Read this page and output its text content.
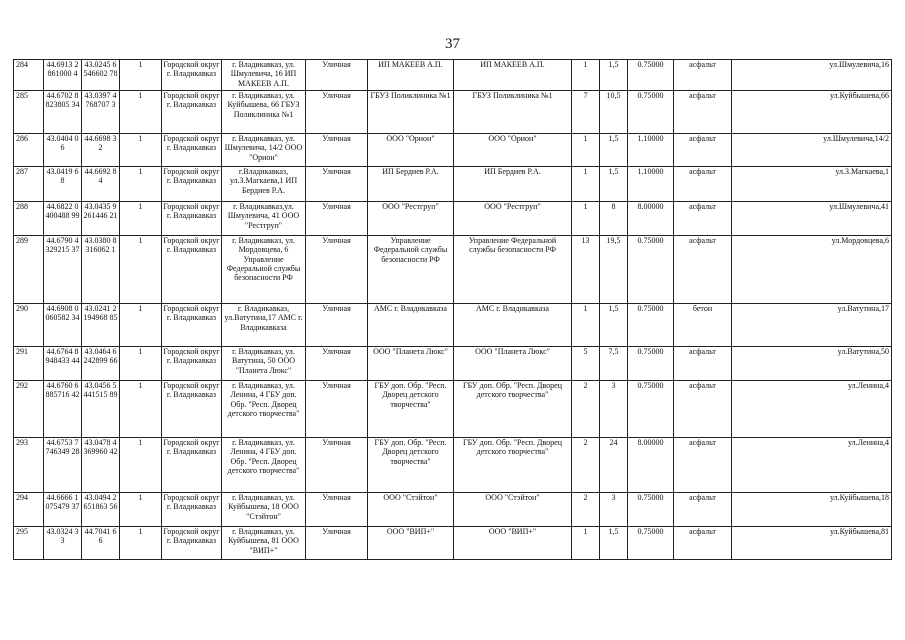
37
284	44.6913 2861000 4	43.0245 6546602 78	1	Городской округ г. Владикавказ	г. Владикавказ, ул. Шмулевича, 16 ИП МАКЕЕВ А.П.	Уличная	ИП МАКЕЕВ А.П.	ИП МАКЕЕВ А.П.	1	1,5	0.75000	асфальт	ул.Шмулевича,16
285	44.6702 8823805 34	43.0397 4768707 3	1	Городской округ г. Владикавказ	г. Владикавказ, ул. Куйбышева, 66 ГБУЗ Поликлиника №1	Уличная	ГБУЗ Поликлиника №1	ГБУЗ Поликлиника №1	7	10,5	0.75000	асфальт	ул.Куйбышева,66
286	43.0404 06	44.6698 32	1	Городской округ г. Владикавказ	г. Владикавказ, ул. Шмулевича, 14/2 ООО "Орион"	Уличная	ООО "Орион"	ООО "Орион"	1	1,5	1.10000	асфальт	ул.Шмулевича,14/2
287	43.0419 68	44.6692 84	1	Городской округ г. Владикавказ	г.Владикавказ, ул.З.Магкаева,1 ИП Бердиев Р.А.	Уличная	ИП Бердиев Р.А.	ИП Бердиев Р.А.	1	1,5	1.10000	асфальт	ул.З.Магкаева,1
288	44.6822 0400488 99	43.0435 9261446 21	1	Городской округ г. Владикавказ	г. Владикавказ,ул. Шмулевича, 41 ООО "Рестгруп"	Уличная	ООО "Рестгруп"	ООО "Рестгруп"	1	8	8.00000	асфальт	ул.Шмулевича,41
289	44.6790 4329215 37	43.0380 8316062 1	1	Городской округ г. Владикавказ	г. Владикавказ, ул. Мордовцева, 6 Управление Федеральной службы безопасности РФ	Уличная	Управление Федеральной службы безопасности РФ	Управление Федеральной службы безопасности РФ	13	19,5	0.75000	асфальт	ул.Мордовцева,6
290	44.6908 0060582 34	43.0241 2194968 85	1	Городской округ г. Владикавказ	г. Владикавказ, ул.Ватутина,17 АМС г. Владикавказа	Уличная	АМС г. Владикавказа	АМС г. Владикавказа	1	1,5	0.75000	бетон	ул.Ватутина,17
291	44.6764 8948433 44	43.0464 6242899 66	1	Городской округ г. Владикавказ	г. Владикавказ, ул. Ватутина, 50 ООО "Планета Люкс"	Уличная	ООО "Планета Люкс"	ООО "Планета Люкс"	5	7,5	0.75000	асфальт	ул.Ватутина,50
292	44.6760 6885716 42	43.0456 5441515 89	1	Городской округ г. Владикавказ	г. Владикавказ, ул. Ленина, 4 ГБУ доп. Обр. "Респ. Дворец детского творчества"	Уличная	ГБУ доп. Обр. "Респ. Дворец детского творчества"	ГБУ доп. Обр. "Респ. Дворец детского творчества"	2	3	0.75000	асфальт	ул.Ленина,4
293	44.6753 7746349 28	43.0478 4369960 42	1	Городской округ г. Владикавказ	г. Владикавказ, ул. Ленина, 4 ГБУ доп. Обр. "Респ. Дворец детского творчества"	Уличная	ГБУ доп. Обр. "Респ. Дворец детского творчества"	ГБУ доп. Обр. "Респ. Дворец детского творчества"	2	24	8.00000	асфальт	ул.Ленина,4
294	44.6666 1075479 37	43.0494 2651863 56	1	Городской округ г. Владикавказ	г. Владикавказ, ул. Куйбышева, 18 ООО "Стэйтон"	Уличная	ООО "Стэйтон"	ООО "Стэйтон"	2	3	0.75000	асфальт	ул.Куйбышева,18
295	43.0324 33	44.7041 66	1	Городской округ г. Владикавказ	г. Владикавказ, ул. Куйбышева, 81 ООО "ВИП+"	Уличная	ООО "ВИП+"	ООО "ВИП+"	1	1,5	0.75000	асфальт	ул.Куйбышева,81
